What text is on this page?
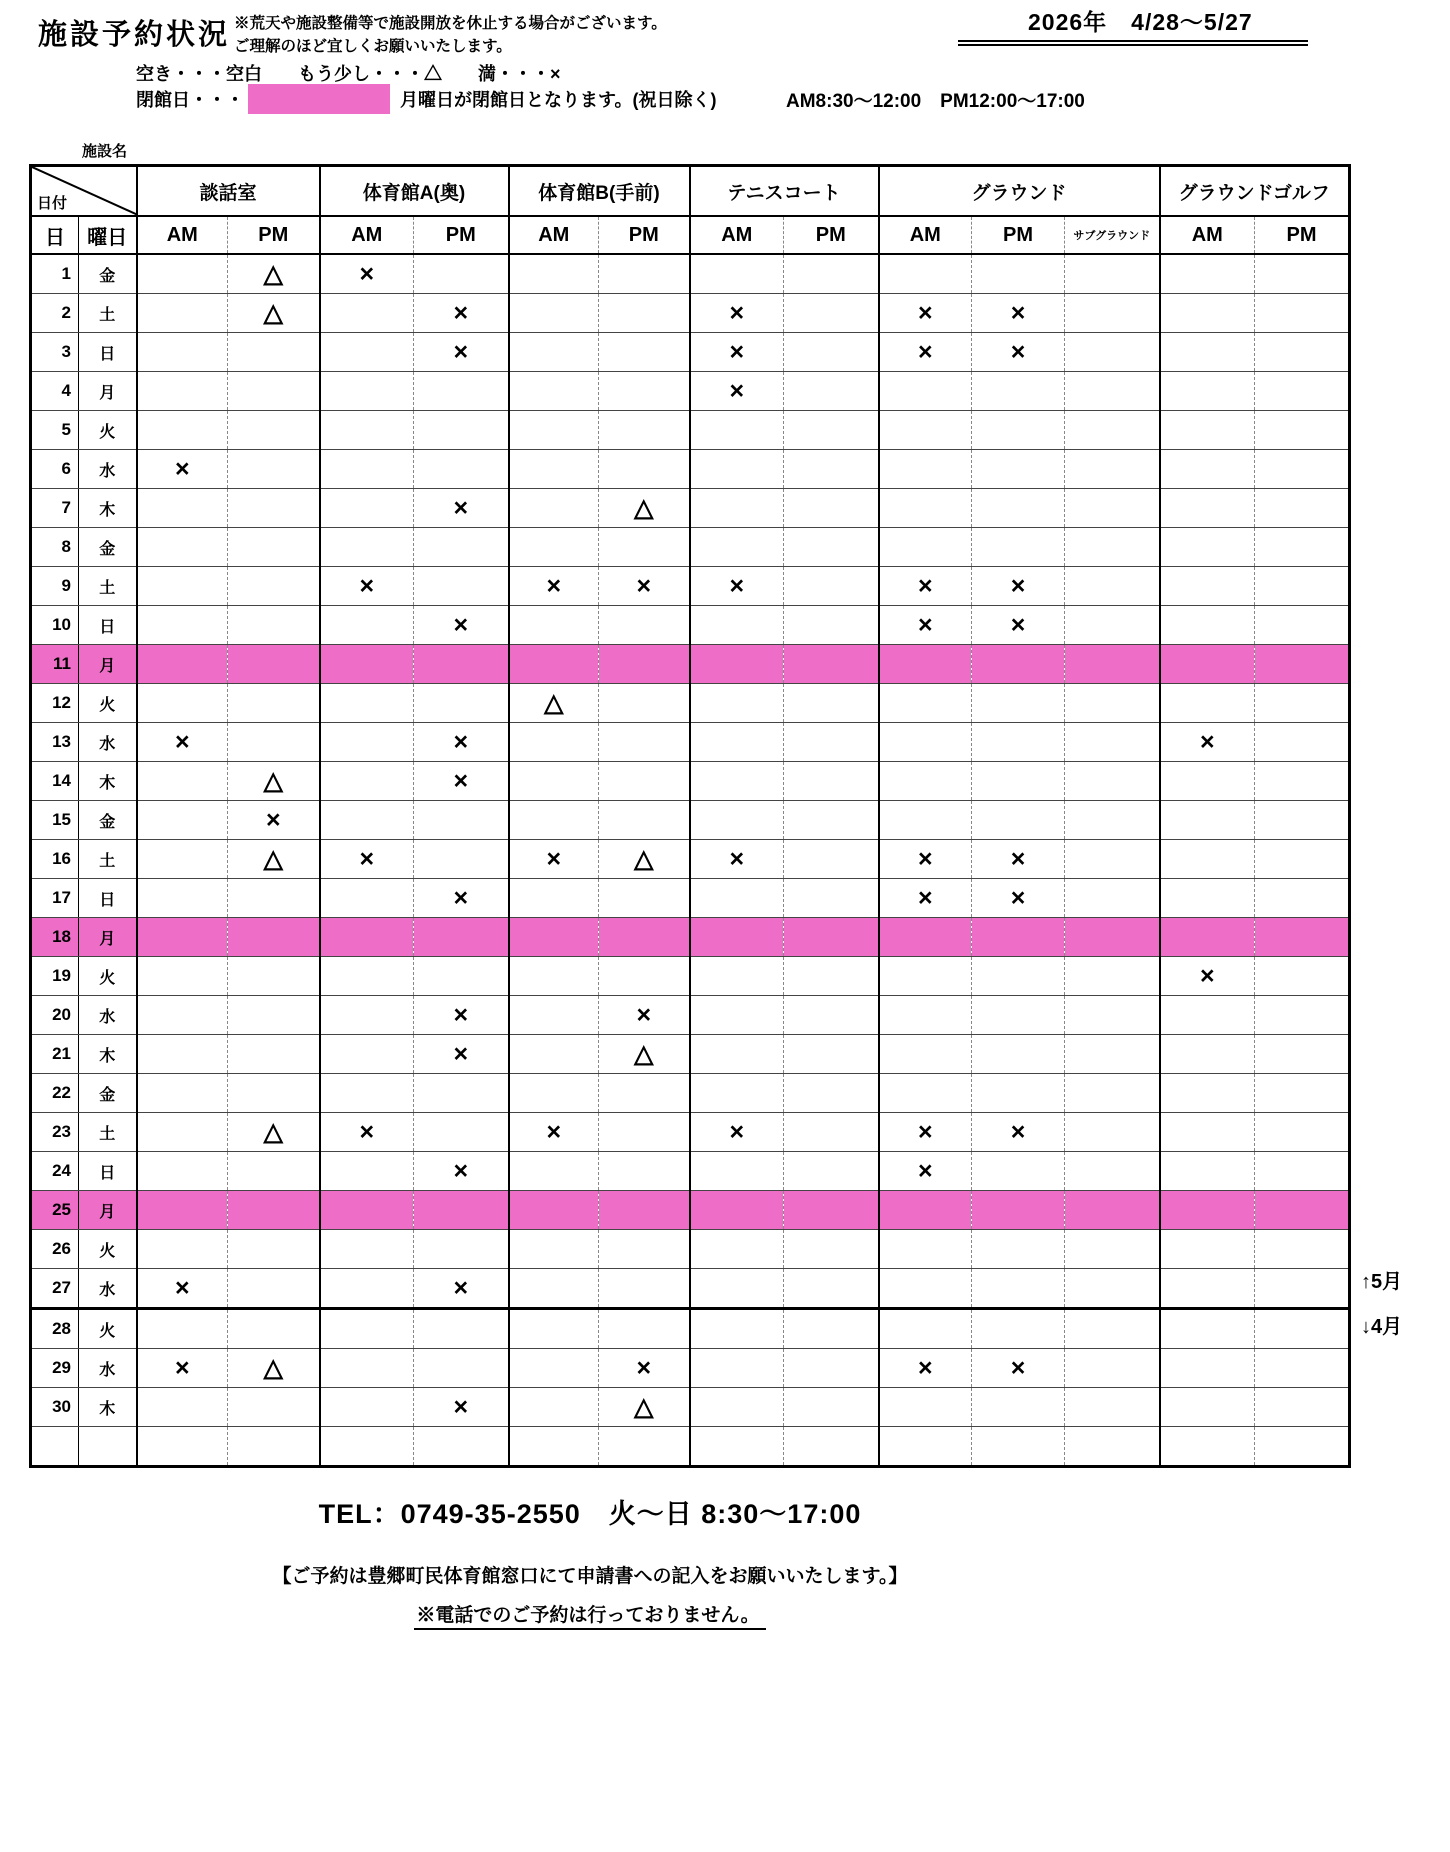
施設予約状況 ※荒天や施設整備等で施設開放を休止する場合がございます。
ご理解のほど宜しくお願いいたします。
2026年　4/28～5/27
空き・・・空白　　もう少し・・・△　　満・・・×
閉館日・・・	月曜日が閉館日となります。(祝日除く)	AM8:30～12:00　PM12:00～17:00
施設名
日付		談話室		体育館A(奥)		体育館B(手前)		テニスコート		グラウンド			グラウンドゴルフ	
日	曜日	AM	PM	AM	PM	AM	PM	AM	PM	AM	PM	サブグラウンド	AM	PM
1	金		△	×										
2	土		△		×			×		×	×			
3	日				×			×		×	×			
4	月							×						
5	火													
6	水	×												
7	木				×		△							
8	金													
9	土			×		×	×	×		×	×			
10	日				×					×	×			
11	月													
12	火					△								
13	水	×			×								×	
14	木		△		×									
15	金		×											
16	土		△	×		×	△	×		×	×			
17	日				×					×	×			
18	月													
19	火												×	
20	水				×		×							
21	木				×		△							
22	金													
23	土		△	×		×		×		×	×			
24	日				×					×				
25	月													
26	火													
27	水	×			×									
28	火													
29	水	×	△				×			×	×			
30	木				×		△							

↑5月
↓4月
TEL：0749-35-2550　火～日 8:30～17:00
【ご予約は豊郷町民体育館窓口にて申請書への記入をお願いいたします。】
※電話でのご予約は行っておりません。
